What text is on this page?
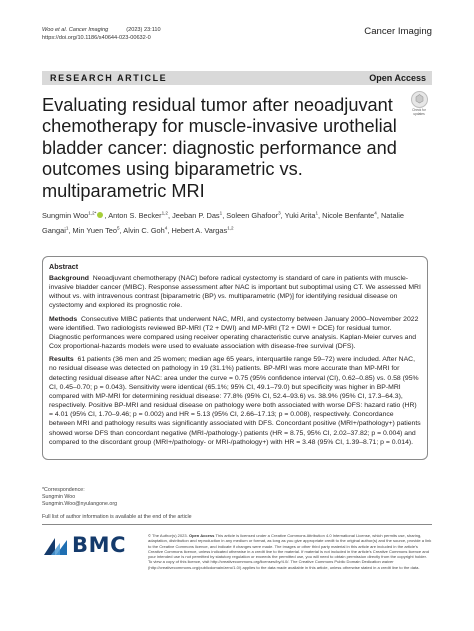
Woo et al. Cancer Imaging	(2023) 23:110
https://doi.org/10.1186/s40644-023-00632-0
Cancer Imaging
RESEARCH ARTICLE	Open Access
Evaluating residual tumor after neoadjuvant chemotherapy for muscle-invasive urothelial bladder cancer: diagnostic performance and outcomes using biparametric vs. multiparametric MRI
Check for updates
Sungmin Woo$^{1,2*}$ , Anton S. Becker$^{1,2}$, Jeeban P. Das$^1$, Soleen Ghafoor$^3$, Yuki Arita$^1$, Nicole Benfante$^4$, Natalie Gangai$^1$, Min Yuen Teo$^5$, Alvin C. Goh$^4$, Hebert A. Vargas$^{1,2}$
Abstract

Background Neoadjuvant chemotherapy (NAC) before radical cystectomy is standard of care in patients with muscle-invasive bladder cancer (MIBC). Response assessment after NAC is important but suboptimal using CT. We assessed MRI without vs. with intravenous contrast [biparametric (BP) vs. multiparametric (MP)] for identifying residual disease on cystectomy and explored its prognostic role.

Methods Consecutive MIBC patients that underwent NAC, MRI, and cystectomy between January 2000–November 2022 were identified. Two radiologists reviewed BP-MRI (T2 + DWI) and MP-MRI (T2 + DWI + DCE) for residual tumor. Diagnostic performances were compared using receiver operating characteristic curve analysis. Kaplan-Meier curves and Cox proportional-hazards models were used to evaluate association with disease-free survival (DFS).

Results 61 patients (36 men and 25 women; median age 65 years, interquartile range 59–72) were included. After NAC, no residual disease was detected on pathology in 19 (31.1%) patients. BP-MRI was more accurate than MP-MRI for detecting residual disease after NAC: area under the curve = 0.75 (95% confidence interval (CI), 0.62–0.85) vs. 0.58 (95% CI, 0.45–0.70; p = 0.043). Sensitivity were identical (65.1%; 95% CI, 49.1–79.0) but specificity was higher in BP-MRI compared with MP-MRI for determining residual disease: 77.8% (95% CI, 52.4–93.6) vs. 38.9% (95% CI, 17.3–64.3), respectively. Positive BP-MRI and residual disease on pathology were both associated with worse DFS: hazard ratio (HR) = 4.01 (95% CI, 1.70–9.46; p = 0.002) and HR = 5.13 (95% CI, 2.66–17.13; p = 0.008), respectively. Concordance between MRI and pathology results was significantly associated with DFS. Concordant positive (MRI+/pathology+) patients showed worse DFS than concordant negative (MRI-/pathology-) patients (HR = 8.75, 95% CI, 2.02–37.82; p = 0.004) and compared to the discordant group (MRI+/pathology- or MRI-/pathology+) with HR = 3.48 (95% CI, 1.39–8.71; p = 0.014).

*Correspondence:
Sungmin Woo
Sungmin.Woo@nyulangone.org
Full list of author information is available at the end of the article
BMC	© The Author(s) 2023. Open Access This article is licensed under a Creative Commons Attribution 4.0 International License, which permits use, sharing, adaptation, distribution and reproduction in any medium or format, as long as you give appropriate credit to the original author(s) and the source, provide a link to the Creative Commons licence, and indicate if changes were made. The images or other third party material in this article are included in the article's Creative Commons licence, unless indicated otherwise in a credit line to the material. If material is not included in the article's Creative Commons licence and your intended use is not permitted by statutory regulation or exceeds the permitted use, you will need to obtain permission directly from the copyright holder. To view a copy of this licence, visit http://creativecommons.org/licenses/by/4.0/. The Creative Commons Public Domain Dedication waiver (http://creativecommons.org/publicdomain/zero/1.0/) applies to the data made available in this article, unless otherwise stated in a credit line to the data.
